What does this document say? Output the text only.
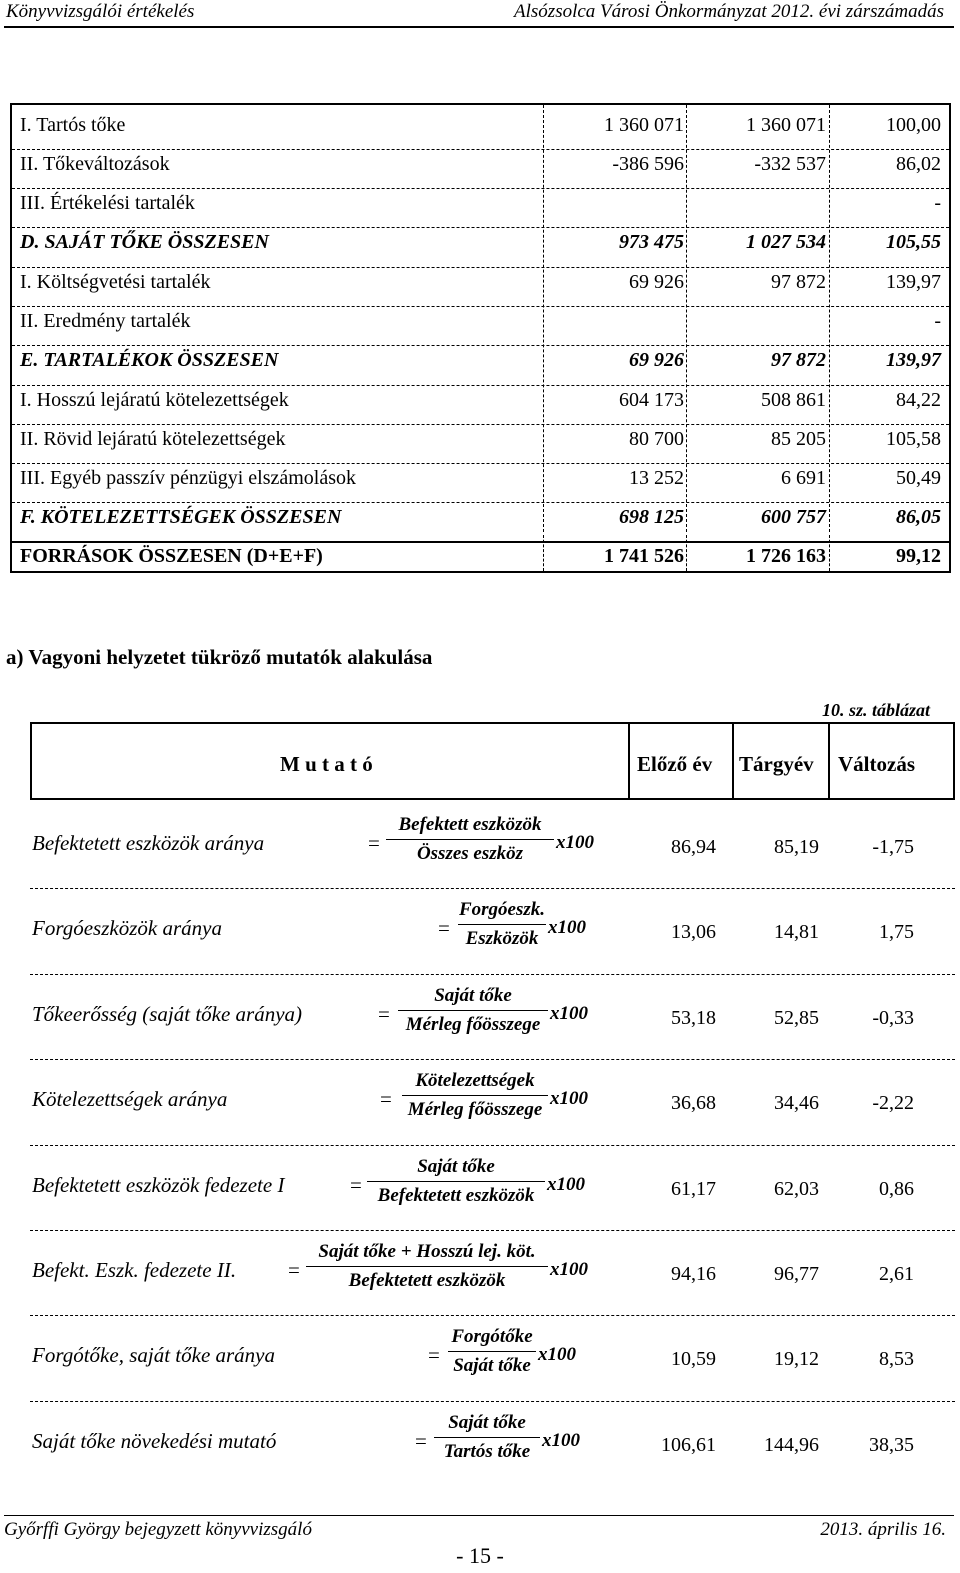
Könyvvizsgálói értékelés	Alsózsolca Városi Önkormányzat 2012. évi zárszámadás
I. Tartós tőke	1 360 071	1 360 071	100,00
II. Tőkeváltozások	-386 596	-332 537	86,02
III. Értékelési tartalék	-
D. SAJÁT TŐKE ÖSSZESEN	973 475	1 027 534	105,55
I. Költségvetési tartalék	69 926	97 872	139,97
II. Eredmény tartalék	-
E. TARTALÉKOK ÖSSZESEN	69 926	97 872	139,97
I. Hosszú lejáratú kötelezettségek	604 173	508 861	84,22
II. Rövid lejáratú kötelezettségek	80 700	85 205	105,58
III. Egyéb passzív pénzügyi elszámolások	13 252	6 691	50,49
F. KÖTELEZETTSÉGEK ÖSSZESEN	698 125	600 757	86,05
FORRÁSOK ÖSSZESEN (D+E+F)	1 741 526	1 726 163	99,12
a) Vagyoni helyzetet tükröző mutatók alakulása
10. sz. táblázat
M u t a t ó	Előző év Tárgyév Változás
Befektetett eszközök aránya	=
Befektett eszközök
Összes eszköz
x100	86,94	85,19	-1,75
Forgóeszközök aránya	=
Forgóeszk.
Eszközök
x100	13,06	14,81	1,75
Tőkeerősség (saját tőke aránya)	=
Saját tőke
Mérleg főösszege
x100	53,18	52,85	-0,33
Kötelezettségek aránya	=
Kötelezettségek
Mérleg főösszege
x100	36,68	34,46	-2,22
Befektetett eszközök fedezete I	=
Saját tőke
Befektetett eszközök
x100	61,17	62,03	0,86
Befekt. Eszk. fedezete II. =
Saját tőke + Hosszú lej. köt.
Befektetett eszközök
x100	94,16	96,77	2,61
Forgótőke, saját tőke aránya	=
Forgótőke
Saját tőke
x100	10,59	19,12	8,53
Saját tőke növekedési mutató	=
Saját tőke
Tartós tőke
x100	106,61 144,96	38,35
Győrffi György bejegyzett könyvvizsgáló	2013. április 16.
- 15 -
